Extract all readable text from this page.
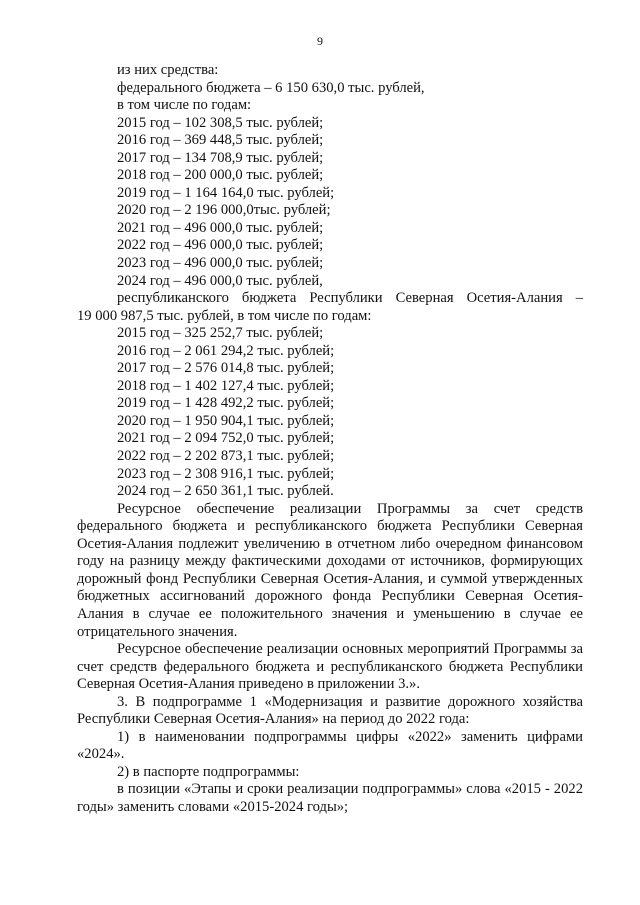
9
из них средства:
федерального бюджета – 6 150 630,0 тыс. рублей,
в том числе по годам:
2015 год – 102 308,5 тыс. рублей;
2016 год – 369 448,5 тыс. рублей;
2017 год – 134 708,9 тыс. рублей;
2018 год – 200 000,0 тыс. рублей;
2019 год – 1 164 164,0 тыс. рублей;
2020 год – 2 196 000,0тыс. рублей;
2021 год – 496 000,0 тыс. рублей;
2022 год – 496 000,0 тыс. рублей;
2023 год – 496 000,0 тыс. рублей;
2024 год – 496 000,0 тыс. рублей,
республиканского бюджета Республики Северная Осетия-Алания –
19 000 987,5 тыс. рублей, в том числе по годам:
2015 год – 325 252,7 тыс. рублей;
2016 год – 2 061 294,2 тыс. рублей;
2017 год – 2 576 014,8 тыс. рублей;
2018 год – 1 402 127,4 тыс. рублей;
2019 год – 1 428 492,2 тыс. рублей;
2020 год – 1 950 904,1 тыс. рублей;
2021 год – 2 094 752,0 тыс. рублей;
2022 год – 2 202 873,1 тыс. рублей;
2023 год – 2 308 916,1 тыс. рублей;
2024 год – 2 650 361,1 тыс. рублей.
Ресурсное обеспечение реализации Программы за счет средств федерального бюджета и республиканского бюджета Республики Северная Осетия-Алания подлежит увеличению в отчетном либо очередном финансовом году на разницу между фактическими доходами от источников, формирующих дорожный фонд Республики Северная Осетия-Алания, и суммой утвержденных бюджетных ассигнований дорожного фонда Республики Северная Осетия-Алания в случае ее положительного значения и уменьшению в случае ее отрицательного значения.
Ресурсное обеспечение реализации основных мероприятий Программы за счет средств федерального бюджета и республиканского бюджета Республики Северная Осетия-Алания приведено в приложении 3.».
3. В подпрограмме 1 «Модернизация и развитие дорожного хозяйства Республики Северная Осетия-Алания» на период до 2022 года:
1) в наименовании подпрограммы цифры «2022» заменить цифрами «2024».
2) в паспорте подпрограммы:
в позиции «Этапы и сроки реализации подпрограммы» слова «2015 - 2022 годы» заменить словами «2015-2024 годы»;
